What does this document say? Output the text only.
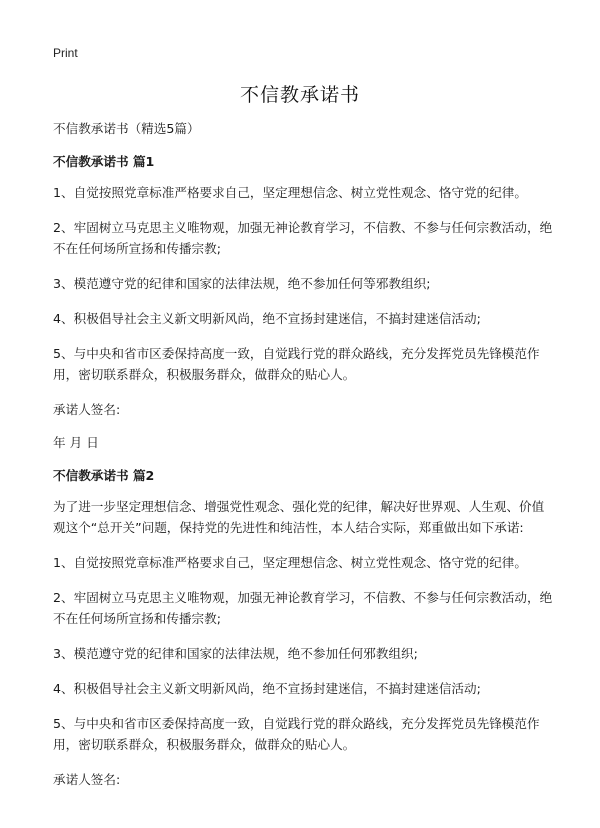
Print
不信教承诺书

不信教承诺书（精选5篇）

不信教承诺书 篇1

1、自觉按照党章标准严格要求自己，坚定理想信念、树立党性观念、恪守党的纪律。

2、牢固树立马克思主义唯物观，加强无神论教育学习，不信教、不参与任何宗教活动，绝不在任何场所宣扬和传播宗教;

3、模范遵守党的纪律和国家的法律法规，绝不参加任何等邪教组织;

4、积极倡导社会主义新文明新风尚，绝不宣扬封建迷信，不搞封建迷信活动;

5、与中央和省市区委保持高度一致，自觉践行党的群众路线，充分发挥党员先锋模范作用，密切联系群众，积极服务群众，做群众的贴心人。

承诺人签名:

年 月 日

不信教承诺书 篇2

为了进一步坚定理想信念、增强党性观念、强化党的纪律，解决好世界观、人生观、价值观这个“总开关”问题，保持党的先进性和纯洁性，本人结合实际，郑重做出如下承诺:

1、自觉按照党章标准严格要求自己，坚定理想信念、树立党性观念、恪守党的纪律。

2、牢固树立马克思主义唯物观，加强无神论教育学习，不信教、不参与任何宗教活动，绝不在任何场所宣扬和传播宗教;

3、模范遵守党的纪律和国家的法律法规，绝不参加任何邪教组织;

4、积极倡导社会主义新文明新风尚，绝不宣扬封建迷信，不搞封建迷信活动;

5、与中央和省市区委保持高度一致，自觉践行党的群众路线，充分发挥党员先锋模范作用，密切联系群众，积极服务群众，做群众的贴心人。

承诺人签名:
